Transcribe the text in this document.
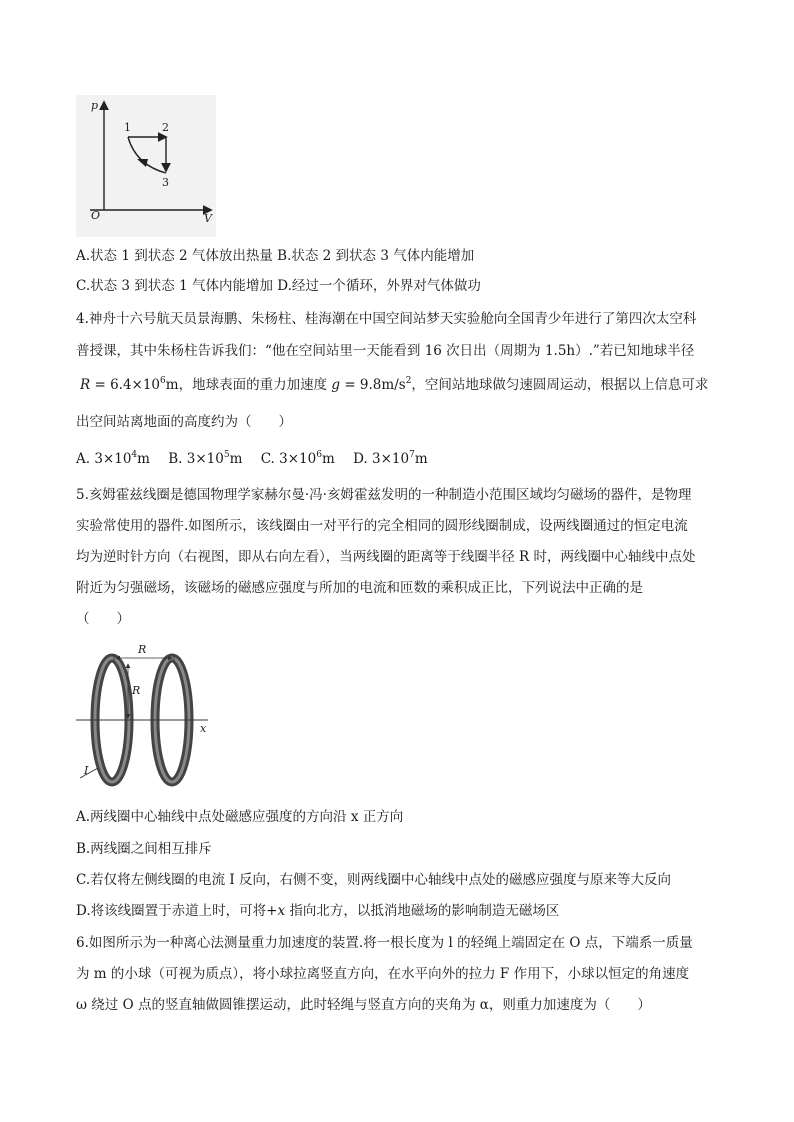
p
V
O
1	2
3
A.状态 1 到状态 2 气体放出热量 B.状态 2 到状态 3 气体内能增加
C.状态 3 到状态 1 气体内能增加 D.经过一个循环，外界对气体做功
4.神舟十六号航天员景海鹏、朱杨柱、桂海潮在中国空间站梦天实验舱向全国青少年进行了第四次太空科
普授课，其中朱杨柱告诉我们：“他在空间站里一天能看到 16 次日出（周期为 1.5h）.”若已知地球半径
$R = 6.4\times 10^6m$，地球表面的重力加速度 $g = 9.8m/s^2$，空间站地球做匀速圆周运动，根据以上信息可求
出空间站离地面的高度约为（　　）
A. $3\times 10^4m$ B. $3\times 10^5m$ C. $3\times 10^6m$ D. $3\times 10^7m$
5.亥姆霍兹线圈是德国物理学家赫尔曼·冯·亥姆霍兹发明的一种制造小范围区域均匀磁场的器件，是物理
实验常使用的器件.如图所示，该线圈由一对平行的完全相同的圆形线圈制成，设两线圈通过的恒定电流
均为逆时针方向（右视图，即从右向左看），当两线圈的距离等于线圈半径 R 时，两线圈中心轴线中点处
附近为匀强磁场，该磁场的磁感应强度与所加的电流和匝数的乘积成正比，下列说法中正确的是
（　　）
x
R
R
I
A.两线圈中心轴线中点处磁感应强度的方向沿 x 正方向
B.两线圈之间相互排斥
C.若仅将左侧线圈的电流 I 反向，右侧不变，则两线圈中心轴线中点处的磁感应强度与原来等大反向
D.将该线圈置于赤道上时，可将+x 指向北方，以抵消地磁场的影响制造无磁场区
6.如图所示为一种离心法测量重力加速度的装置.将一根长度为 l 的轻绳上端固定在 O 点，下端系一质量
为 m 的小球（可视为质点），将小球拉离竖直方向，在水平向外的拉力 F 作用下，小球以恒定的角速度
ω 绕过 O 点的竖直轴做圆锥摆运动，此时轻绳与竖直方向的夹角为 α，则重力加速度为（　　）
